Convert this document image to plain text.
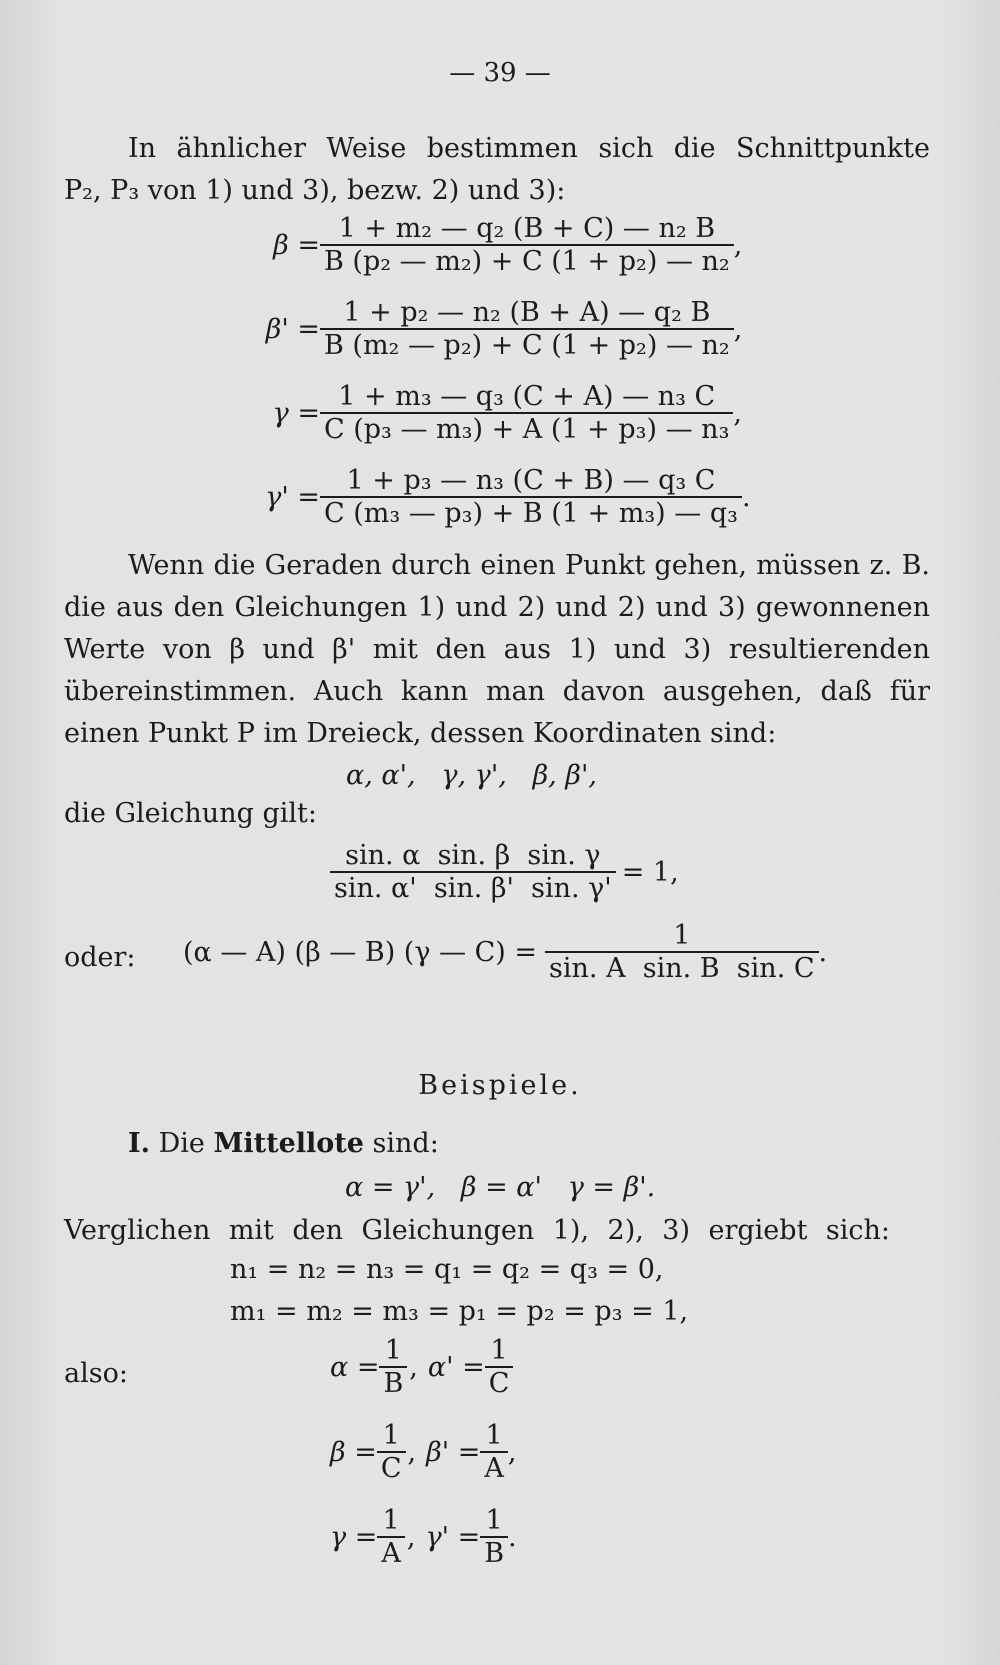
— 39 —
In ähnlicher Weise bestimmen sich die Schnittpunkte
P₂, P₃ von 1) und 3), bezw. 2) und 3):
$\beta = \frac{\text{1 + m₂ — q₂ (B + C) — n₂ B}}{\text{B (p₂ — m₂) + C (1 + p₂) — n₂}}$ ,
$\beta' = \frac{\text{1 + p₂ — n₂ (B + A) — q₂ B}}{\text{B (m₂ — p₂) + C (1 + p₂) — n₂}}$ ,
$\gamma = \frac{\text{1 + m₃ — q₃ (C + A) — n₃ C}}{\text{C (p₃ — m₃) + A (1 + p₃) — n₃}}$ ,
$\gamma' = \frac{\text{1 + p₃ — n₃ (C + B) — q₃ C}}{\text{C (m₃ — p₃) + B (1 + m₃) — q₃}}$ .
Wenn die Geraden durch einen Punkt gehen, müssen z. B.
die aus den Gleichungen 1) und 2) und 2) und 3) gewonnenen
Werte von β und β' mit den aus 1) und 3) resultierenden
übereinstimmen. Auch kann man davon ausgehen, daß für
einen Punkt P im Dreieck, dessen Koordinaten sind:
α, α',   γ, γ',   β, β',
die Gleichung gilt:
$\frac{\text{sin. α  sin. β  sin. γ}}{\sin. \alpha' \sin. \beta' \sin. \gamma'} = 1$,
oder: (α — A) (β — B) (γ — $C) = \frac{1}{\text{sin. A  sin. B  sin. C}}$ .
Beispiele.
I. Die Mittellote sind:
α = γ',   β = α'   γ = β'.
Verglichen mit den Gleichungen 1), 2), 3) ergiebt sich:
n₁ = n₂ = n₃ = q₁ = q₂ = q₃ = 0,
m₁ = m₂ = m₃ = p₁ = p₂ = p₃ = 1,
also:	$\alpha = \frac{1}{B}$ , $\alpha' = \frac{1}{C}$
$\beta = \frac{1}{C}$ , $\beta' = \frac{1}{A}$ ,
$\gamma = \frac{1}{A}$ , $\gamma' = \frac{1}{B}$ .
